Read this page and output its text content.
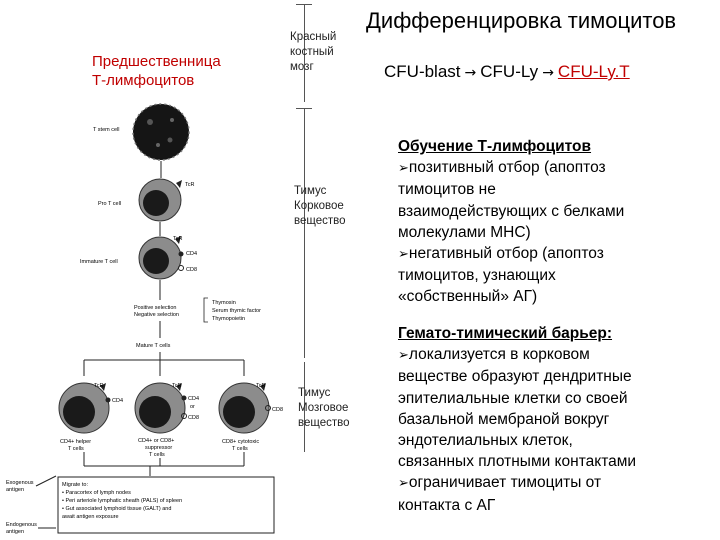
Дифференцировка тимоцитов
Предшественница
Т-лимфоцитов
Красный
костный
мозг
Тимус
Корковое
вещество
Тимус
Мозговое
вещество
CFU-blast → CFU-Ly → CFU-Ly.T
Обучение Т-лимфоцитов
➢позитивный отбор (апоптоз
тимоцитов не
взаимодействующих с белками
молекулами МНС)
➢негативный отбор (апоптоз
тимоцитов, узнающих
«собственный» АГ)
Гемато-тимический барьер:
➢локализуется в корковом
веществе образуют дендритные
эпителиальные клетки со своей
базальной мембраной вокруг
эндотелиальных клеток,
связанных плотными контактами
➢ограничивает тимоциты от
контакта с АГ
T stem cell
TcR
Pro T cell
TcR
CD4
CD8
Immature T cell
Positive selection
Negative selection
Thymosin
Serum thymic factor
Thymopoietin
Mature T cells
TcR
CD4
CD4+ helper
T cells
TcR
CD4
or
CD8
CD4+ or CD8+
suppressor
T cells
TcR
CD8
CD8+ cytotoxic
T cells
Exogenous
antigen
Endogenous
antigen
Migrate to:
• Paracortex of lymph nodes
• Peri arteriole lymphatic sheath (PALS) of spleen
• Gut associated lymphoid tissue (GALT) and
await antigen exposure
